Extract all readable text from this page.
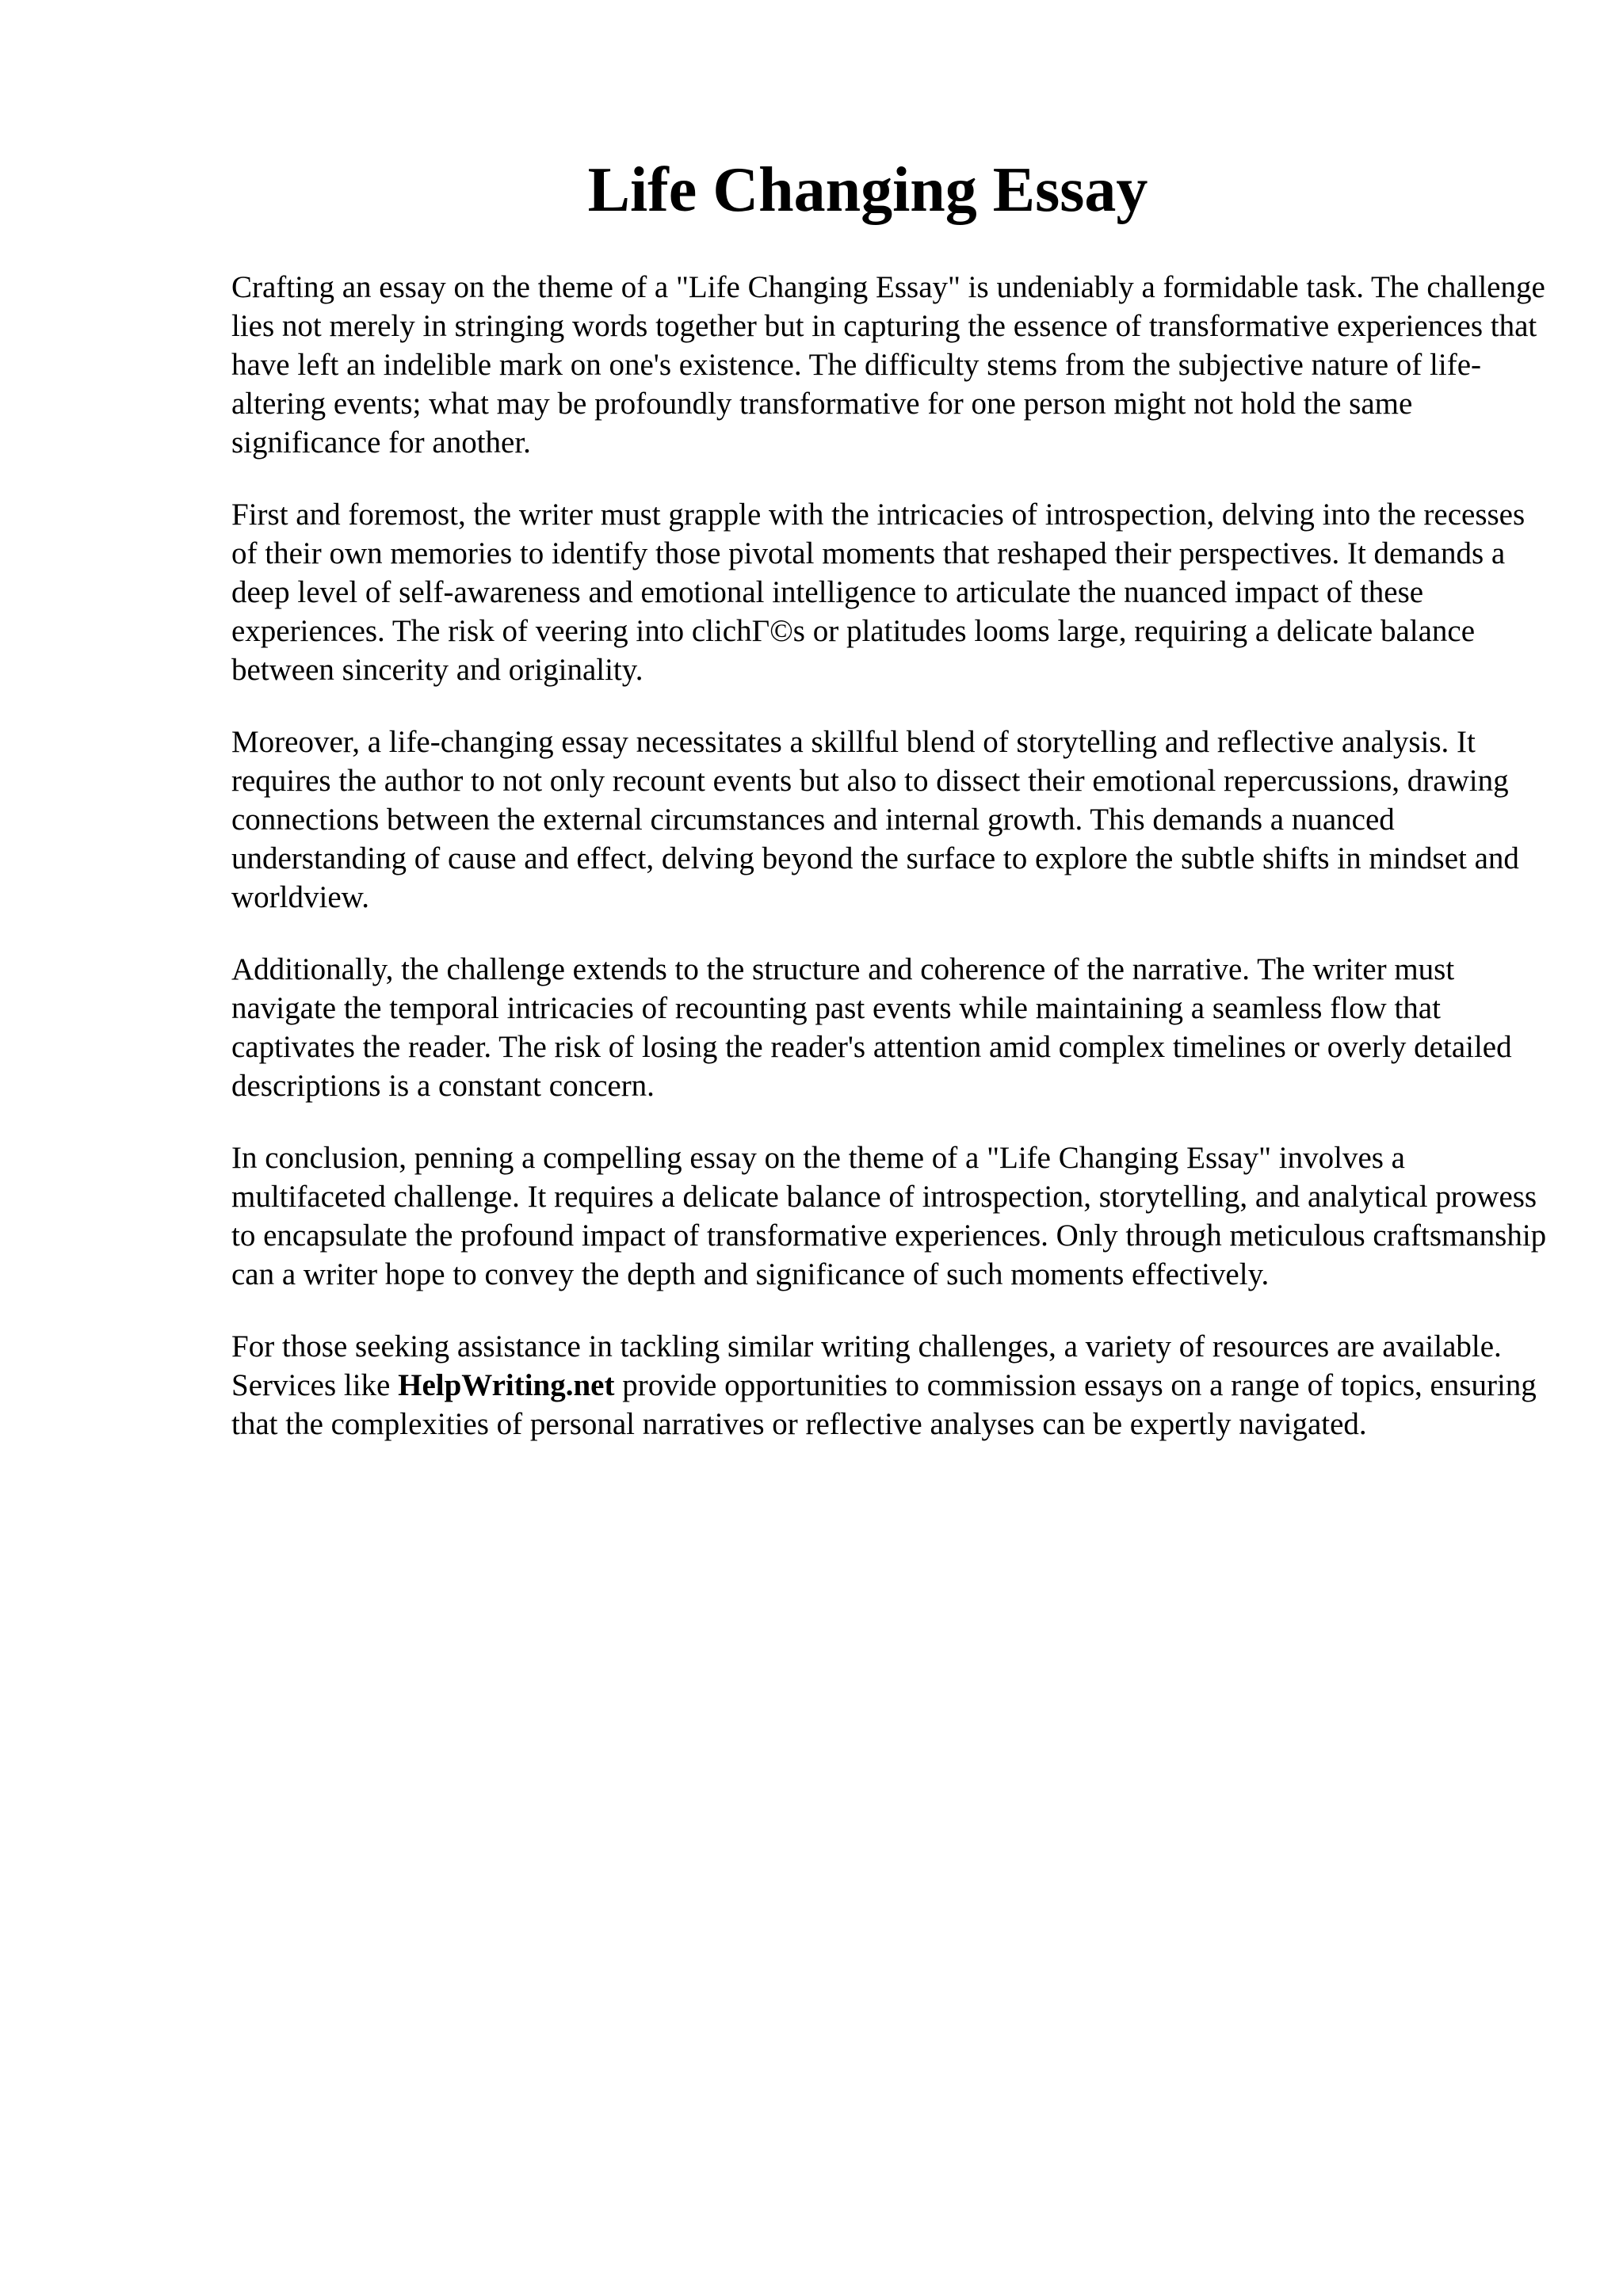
Life Changing Essay

Crafting an essay on the theme of a "Life Changing Essay" is undeniably a formidable task. The challenge lies not merely in stringing words together but in capturing the essence of transformative experiences that have left an indelible mark on one's existence. The difficulty stems from the subjective nature of life-altering events; what may be profoundly transformative for one person might not hold the same significance for another.

First and foremost, the writer must grapple with the intricacies of introspection, delving into the recesses of their own memories to identify those pivotal moments that reshaped their perspectives. It demands a deep level of self-awareness and emotional intelligence to articulate the nuanced impact of these experiences. The risk of veering into clichΓ©s or platitudes looms large, requiring a delicate balance between sincerity and originality.

Moreover, a life-changing essay necessitates a skillful blend of storytelling and reflective analysis. It requires the author to not only recount events but also to dissect their emotional repercussions, drawing connections between the external circumstances and internal growth. This demands a nuanced understanding of cause and effect, delving beyond the surface to explore the subtle shifts in mindset and worldview.

Additionally, the challenge extends to the structure and coherence of the narrative. The writer must navigate the temporal intricacies of recounting past events while maintaining a seamless flow that captivates the reader. The risk of losing the reader's attention amid complex timelines or overly detailed descriptions is a constant concern.

In conclusion, penning a compelling essay on the theme of a "Life Changing Essay" involves a multifaceted challenge. It requires a delicate balance of introspection, storytelling, and analytical prowess to encapsulate the profound impact of transformative experiences. Only through meticulous craftsmanship can a writer hope to convey the depth and significance of such moments effectively.

For those seeking assistance in tackling similar writing challenges, a variety of resources are available. Services like HelpWriting.net provide opportunities to commission essays on a range of topics, ensuring that the complexities of personal narratives or reflective analyses can be expertly navigated.
